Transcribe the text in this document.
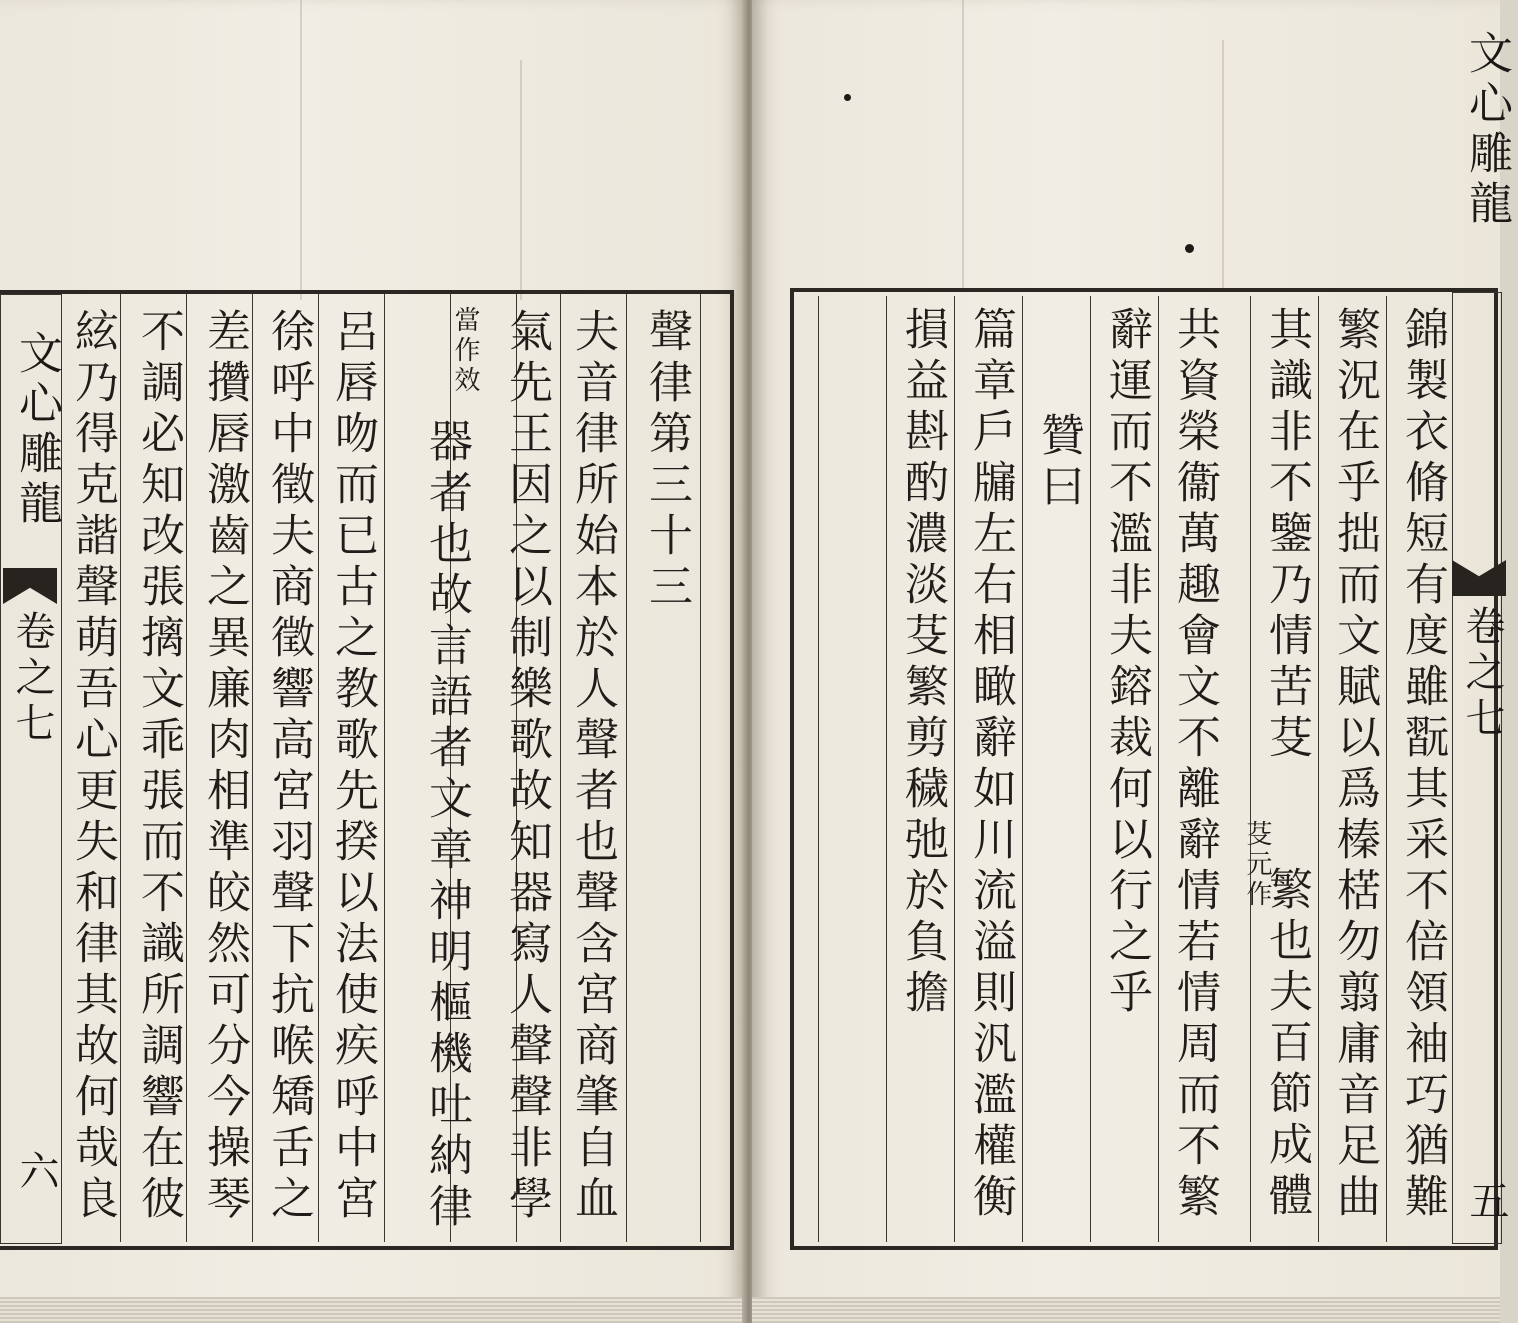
文心雕龍
卷之七
六
聲律第三十三
夫音律所始本於人聲者也聲含宮商肇自血
氣先王因之以制樂歌故知器寫人聲聲非學
當作效
器者也故言語者文章神明樞機吐納律
呂唇吻而已古之教歌先揆以法使疾呼中宮
徐呼中徵夫商徵響高宮羽聲下抗喉矯舌之
差攢唇激齒之異廉肉相準皎然可分今操琴
不調必知改張摛文乖張而不識所調響在彼
絃乃得克諧聲萌吾心更失和律其故何哉良
文心雕龍
卷之七
五
錦製衣脩短有度雖翫其采不倍領袖巧猶難
繁況在乎拙而文賦以爲榛楛勿翦庸音足曲
其識非不鑒乃情苦芟
芟元作
繁也夫百節成體
共資榮衞萬趣會文不離辭情若情周而不繁
辭運而不濫非夫鎔裁何以行之乎
贊曰
篇章戶牖左右相瞰辭如川流溢則汎濫權衡
損益斟酌濃淡芟繁剪穢弛於負擔
